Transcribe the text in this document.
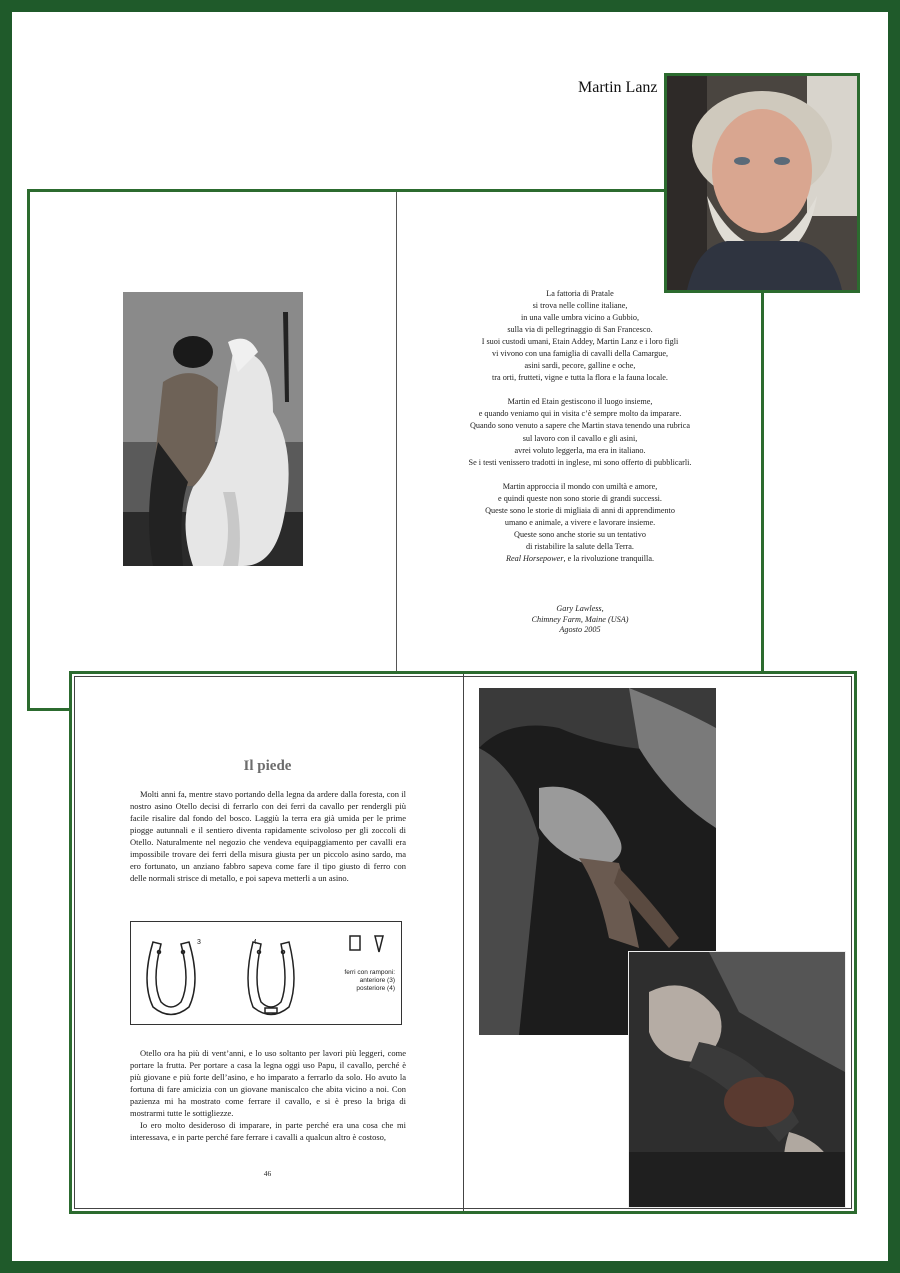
La fattoria di Pratale

si trova nelle colline italiane,

in una valle umbra vicino a Gubbio,

sulla via di pellegrinaggio di San Francesco.

I suoi custodi umani, Etain Addey, Martin Lanz e i loro figli

vi vivono con una famiglia di cavalli della Camargue,

asini sardi, pecore, galline e oche,

tra orti, frutteti, vigne e tutta la flora e la fauna locale.

Martin ed Etain gestiscono il luogo insieme,

e quando veniamo qui in visita c’è sempre molto da imparare.

Quando sono venuto a sapere che Martin stava tenendo una rubrica

sul lavoro con il cavallo e gli asini,

avrei voluto leggerla, ma era in italiano.

Se i testi venissero tradotti in inglese, mi sono offerto di pubblicarli.

Martin approccia il mondo con umiltà e amore,

e quindi queste non sono storie di grandi successi.

Queste sono le storie di migliaia di anni di apprendimento

umano e animale, a vivere e lavorare insieme.

Queste sono anche storie su un tentativo

di ristabilire la salute della Terra.

Real Horsepower, e la rivoluzione tranquilla.

Gary Lawless,
Chimney Farm, Maine (USA)
Agosto 2005
Martin Lanz
Il piede

Molti anni fa, mentre stavo portando della legna da ardere dalla foresta, con il nostro asino Otello decisi di ferrarlo con dei ferri da cavallo per rendergli più facile risalire dal fondo del bosco. Laggiù la terra era già umida per le prime piogge autunnali e il sentiero diventa rapidamente scivoloso per gli zoccoli di Otello. Naturalmente nel negozio che vendeva equipaggiamento per cavalli era impossibile trovare dei ferri della misura giusta per un piccolo asino sardo, ma ero fortunato, un anziano fabbro sapeva come fare il tipo giusto di ferro con delle normali strisce di metallo, e poi sapeva metterli a un asino.

3	4
ferri con ramponi:
anteriore (3)
posteriore (4)

Otello ora ha più di vent’anni, e lo uso soltanto per lavori più leggeri, come portare la frutta. Per portare a casa la legna oggi uso Papu, il cavallo, perché è più giovane e più forte dell’asino, e ho imparato a ferrarlo da solo. Ho avuto la fortuna di fare amicizia con un giovane maniscalco che abita vicino a noi. Con pazienza mi ha mostrato come ferrare il cavallo, e si è preso la briga di mostrarmi tutte le sottigliezze.

Io ero molto desideroso di imparare, in parte perché era una cosa che mi interessava, e in parte perché fare ferrare i cavalli a qualcun altro è costoso,

46
